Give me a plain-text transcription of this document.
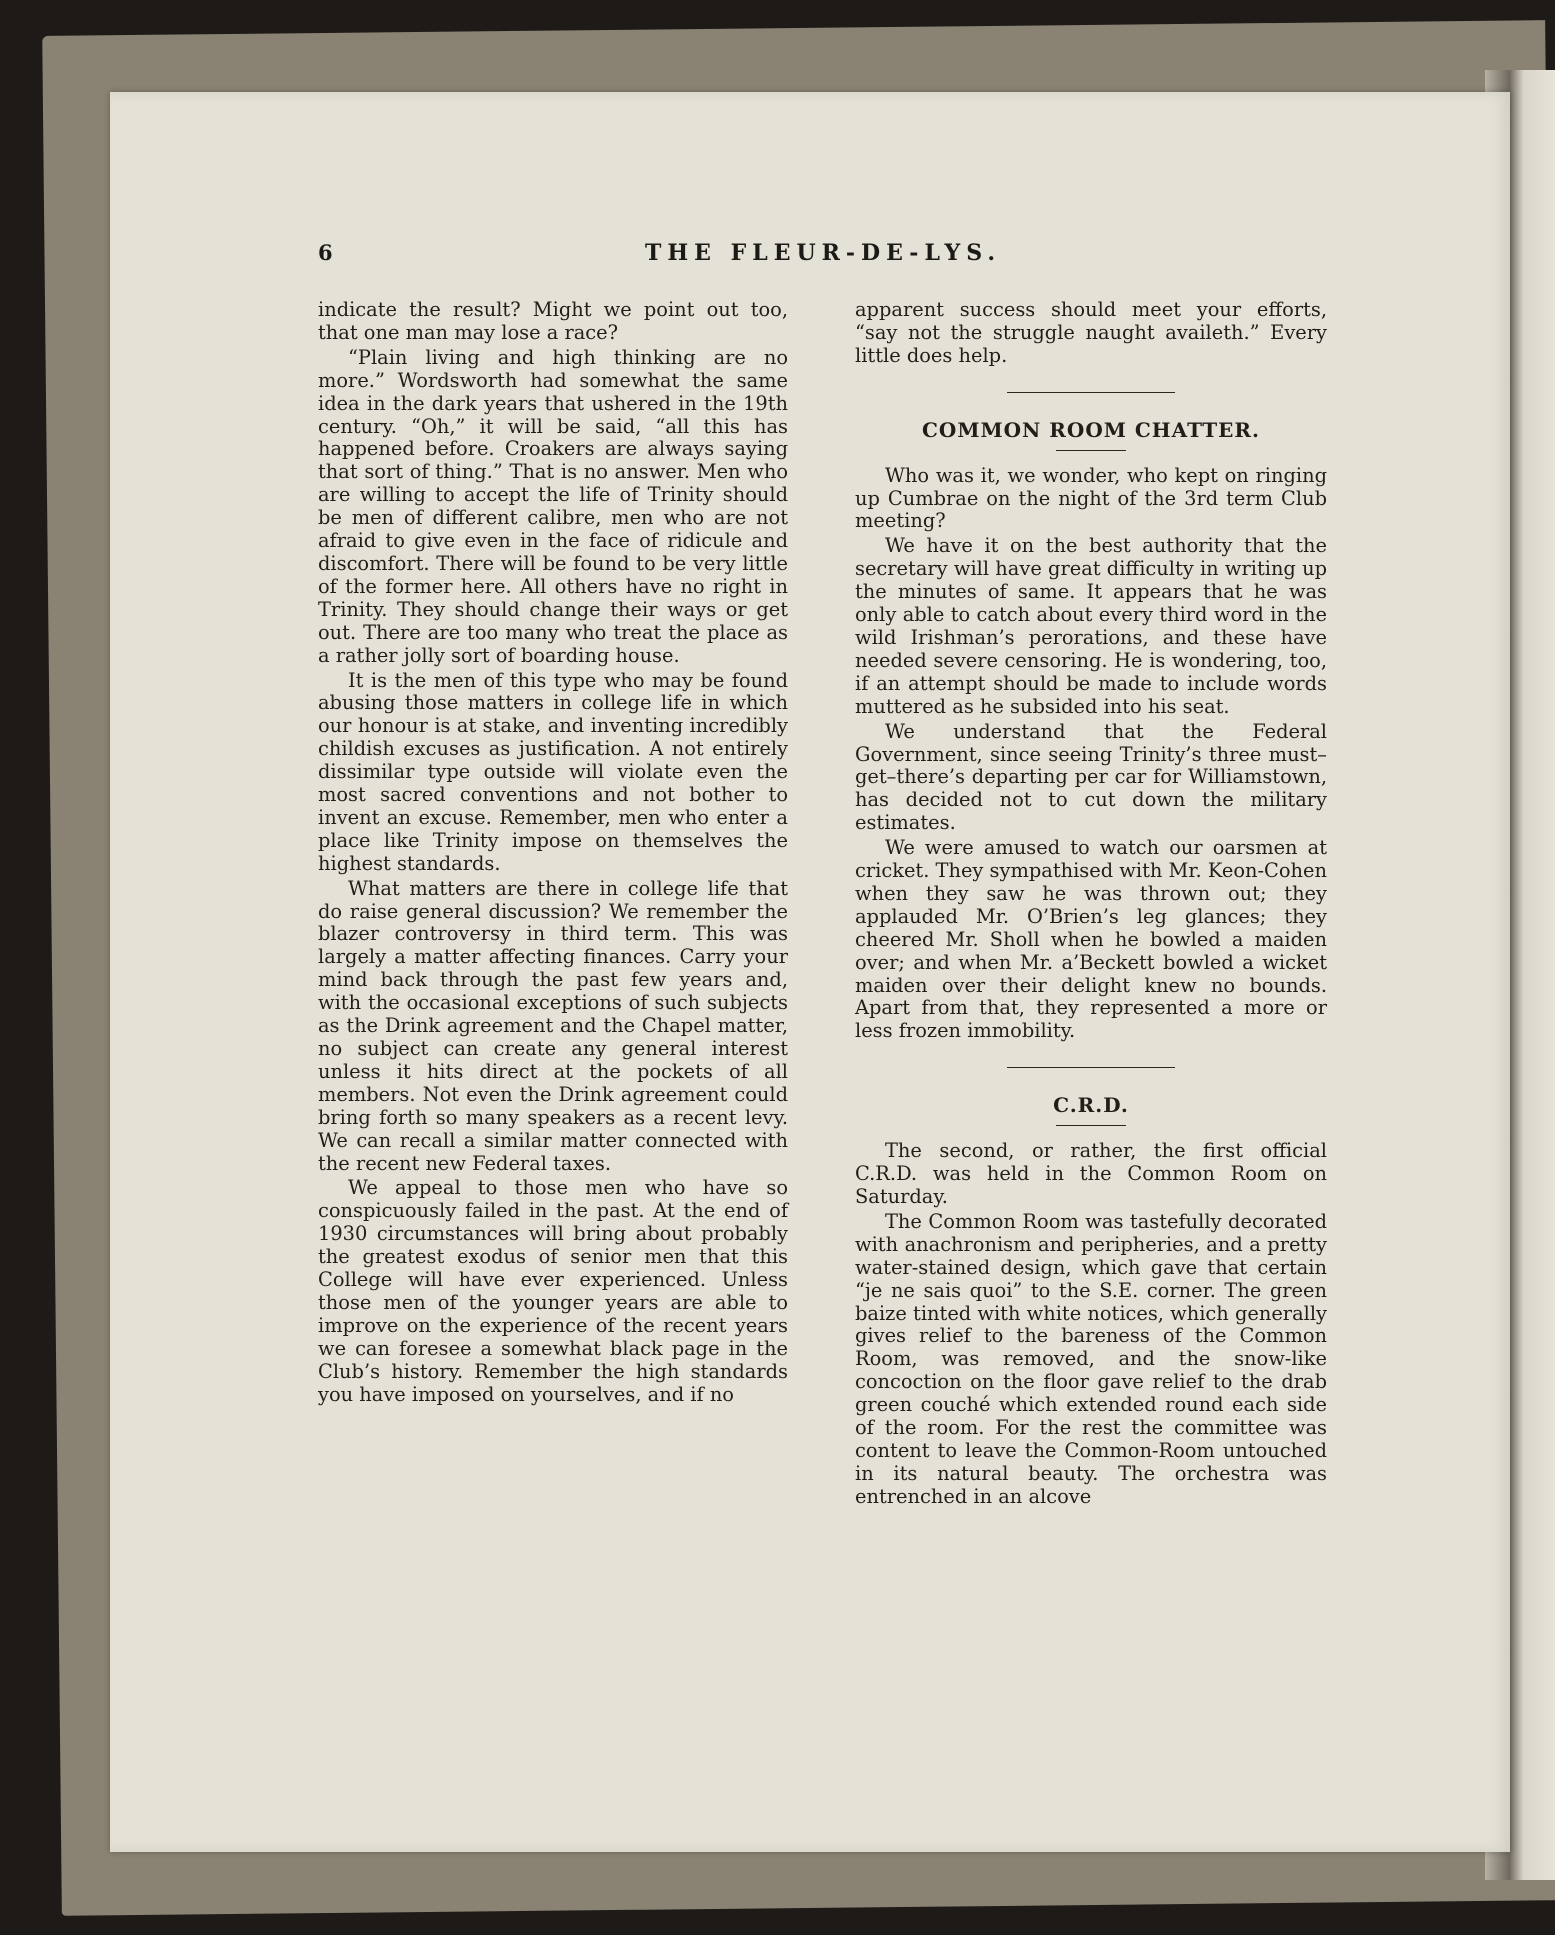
6	THE FLEUR-DE-LYS.

indicate the result? Might we point out too, that one man may lose a race?

“Plain living and high thinking are no more.” Wordsworth had somewhat the same idea in the dark years that ushered in the 19th century. “Oh,” it will be said, “all this has happened before. Croakers are always saying that sort of thing.” That is no answer. Men who are willing to accept the life of Trinity should be men of different calibre, men who are not afraid to give even in the face of ridicule and discomfort. There will be found to be very little of the former here. All others have no right in Trinity. They should change their ways or get out. There are too many who treat the place as a rather jolly sort of boarding house.

It is the men of this type who may be found abusing those matters in college life in which our honour is at stake, and inventing incredibly childish excuses as justification. A not entirely dissimilar type outside will violate even the most sacred conventions and not bother to invent an excuse. Remember, men who enter a place like Trinity impose on themselves the highest standards.

What matters are there in college life that do raise general discussion? We remember the blazer controversy in third term. This was largely a matter affecting finances. Carry your mind back through the past few years and, with the occasional exceptions of such subjects as the Drink agreement and the Chapel matter, no subject can create any general interest unless it hits direct at the pockets of all members. Not even the Drink agreement could bring forth so many speakers as a recent levy. We can recall a similar matter connected with the recent new Federal taxes.

We appeal to those men who have so conspicuously failed in the past. At the end of 1930 circumstances will bring about probably the greatest exodus of senior men that this College will have ever experienced. Unless those men of the younger years are able to improve on the experience of the recent years we can foresee a somewhat black page in the Club’s history. Remember the high standards you have imposed on yourselves, and if no

apparent success should meet your efforts, “say not the struggle naught availeth.” Every little does help.

COMMON ROOM CHATTER.

Who was it, we wonder, who kept on ringing up Cumbrae on the night of the 3rd term Club meeting?

We have it on the best authority that the secretary will have great difficulty in writing up the minutes of same. It appears that he was only able to catch about every third word in the wild Irishman’s perorations, and these have needed severe censoring. He is wondering, too, if an attempt should be made to include words muttered as he subsided into his seat.

We understand that the Federal Government, since seeing Trinity’s three must–get–there’s departing per car for Williamstown, has decided not to cut down the military estimates.

We were amused to watch our oarsmen at cricket. They sympathised with Mr. Keon-Cohen when they saw he was thrown out; they applauded Mr. O’Brien’s leg glances; they cheered Mr. Sholl when he bowled a maiden over; and when Mr. a’Beckett bowled a wicket maiden over their delight knew no bounds. Apart from that, they represented a more or less frozen immobility.

C.R.D.

The second, or rather, the first official C.R.D. was held in the Common Room on Saturday.

The Common Room was tastefully decorated with anachronism and peripheries, and a pretty water-stained design, which gave that certain “je ne sais quoi” to the S.E. corner. The green baize tinted with white notices, which generally gives relief to the bareness of the Common Room, was removed, and the snow-like concoction on the floor gave relief to the drab green couché which extended round each side of the room. For the rest the committee was content to leave the Common-Room untouched in its natural beauty. The orchestra was entrenched in an alcove
